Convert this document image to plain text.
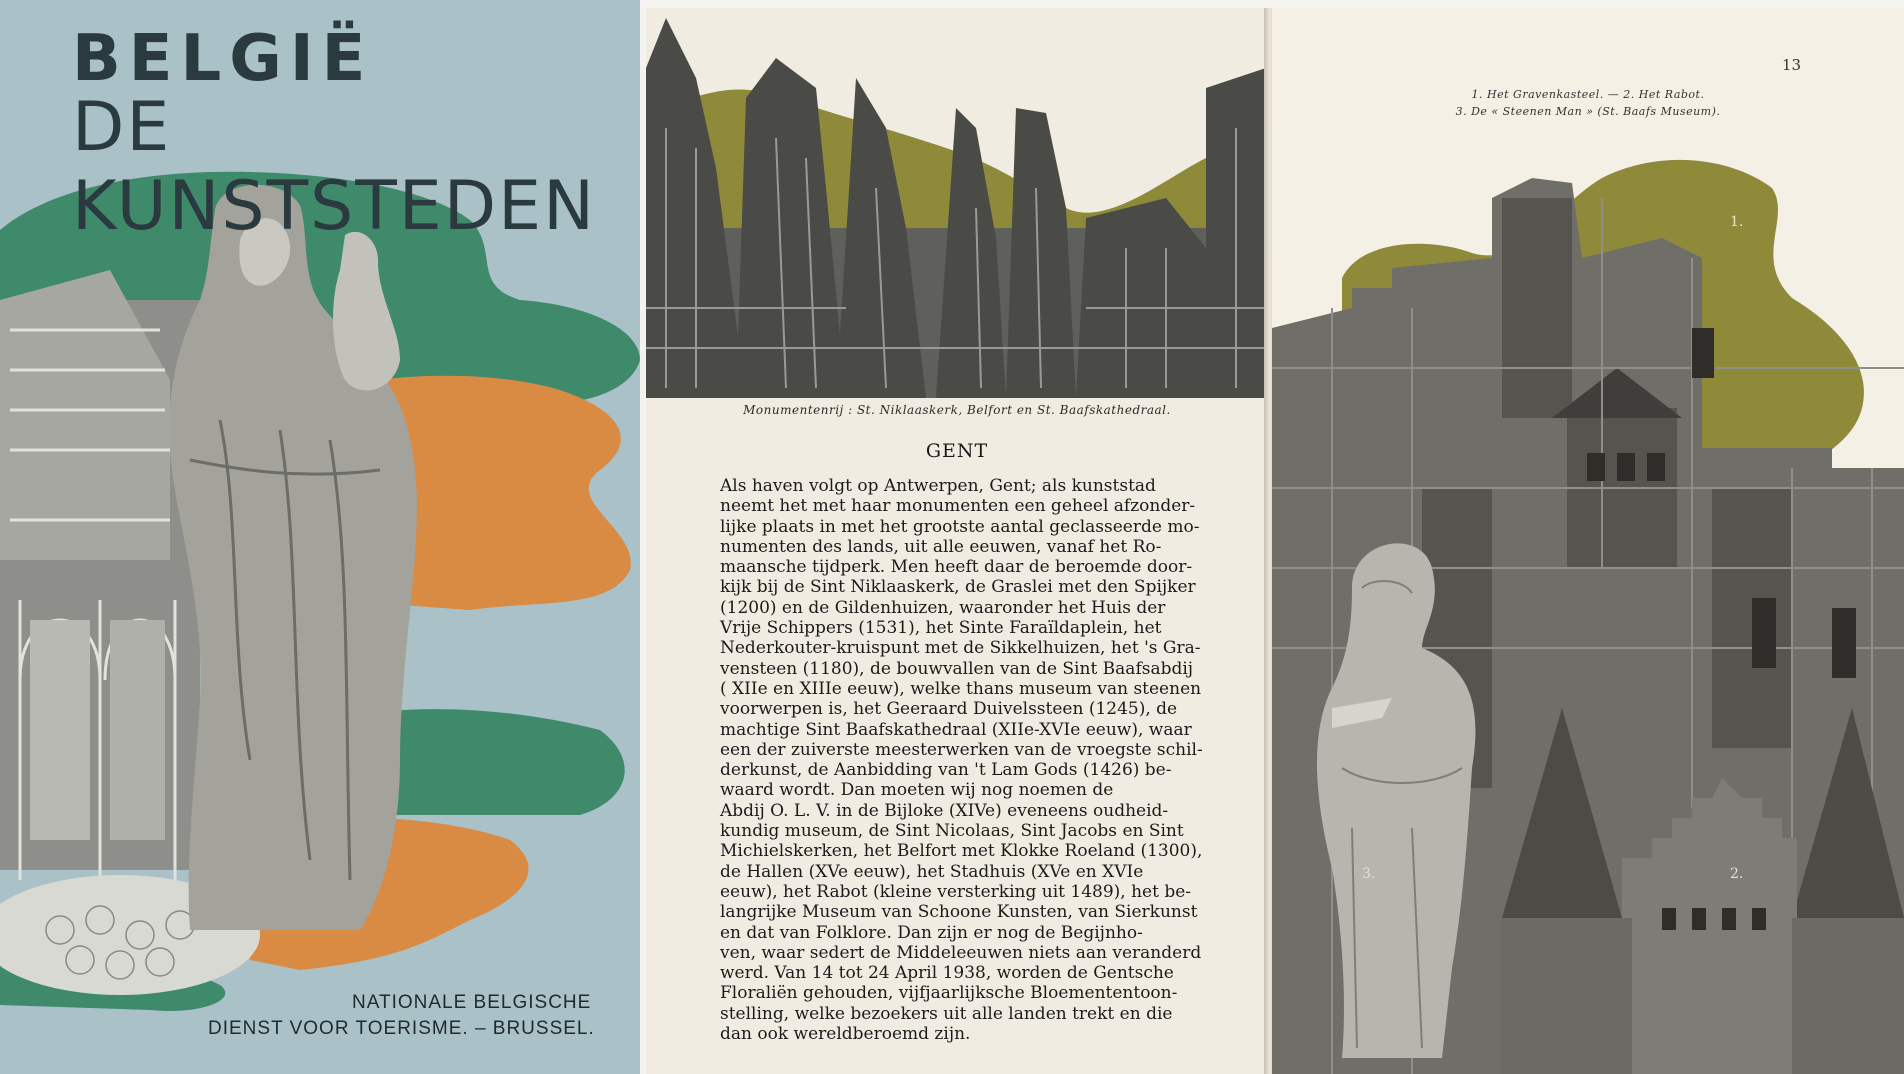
BELGIË
DE KUNSTSTEDEN
NATIONALE BELGISCHE
DIENST VOOR TOERISME. – BRUSSEL.
Monumentenrij : St. Niklaaskerk, Belfort en St. Baafskathedraal.
GENT
Als haven volgt op Antwerpen, Gent; als kunststad
neemt het met haar monumenten een geheel afzonder-
lijke plaats in met het grootste aantal geclasseerde mo-
numenten des lands, uit alle eeuwen, vanaf het Ro-
maansche tijdperk. Men heeft daar de beroemde door-
kijk bij de Sint Niklaaskerk, de Graslei met den Spijker
(1200) en de Gildenhuizen, waaronder het Huis der
Vrije Schippers (1531), het Sinte Faraïldaplein, het
Nederkouter-kruispunt met de Sikkelhuizen, het 's Gra-
vensteen (1180), de bouwvallen van de Sint Baafsabdij
( XIIe en XIIIe eeuw), welke thans museum van steenen
voorwerpen is, het Geeraard Duivelssteen (1245), de
machtige Sint Baafskathedraal (XIIe-XVIe eeuw), waar
een der zuiverste meesterwerken van de vroegste schil-
derkunst, de Aanbidding van 't Lam Gods (1426) be-
waard wordt. Dan moeten wij nog noemen de
Abdij O. L. V. in de Bijloke (XIVe) eveneens oudheid-
kundig museum, de Sint Nicolaas, Sint Jacobs en Sint
Michielskerken, het Belfort met Klokke Roeland (1300),
de Hallen (XVe eeuw), het Stadhuis (XVe en XVIe
eeuw), het Rabot (kleine versterking uit 1489), het be-
langrijke Museum van Schoone Kunsten, van Sierkunst
en dat van Folklore. Dan zijn er nog de Begijnho-
ven, waar sedert de Middeleeuwen niets aan veranderd
werd. Van 14 tot 24 April 1938, worden de Gentsche
Floraliën gehouden, vijfjaarlijksche Bloemententoon-
stelling, welke bezoekers uit alle landen trekt en die
dan ook wereldberoemd zijn.
13
1. Het Gravenkasteel. — 2. Het Rabot.
3. De « Steenen Man » (St. Baafs Museum).
1.
2.
3.
